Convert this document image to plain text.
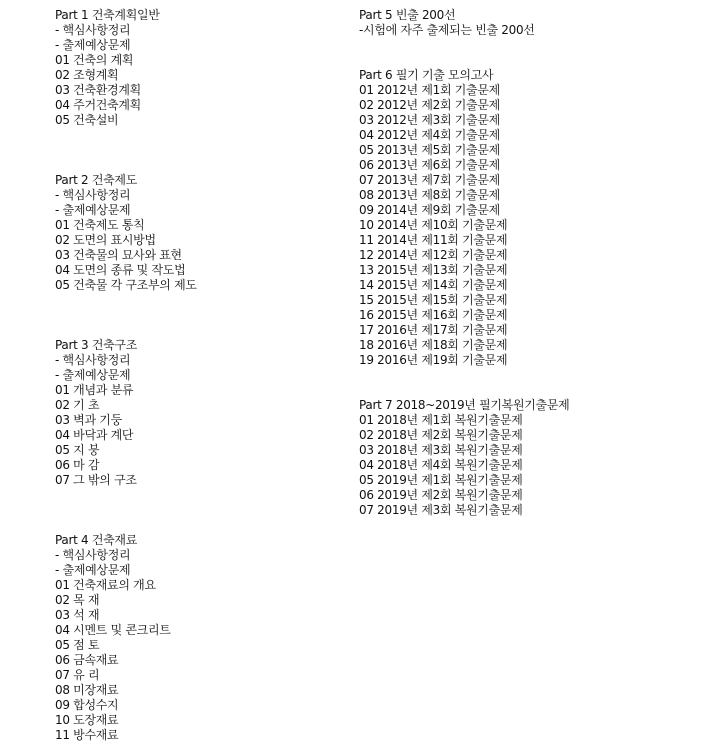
Part 1 건축계획일반
- 핵심사항정리
- 출제예상문제
01 건축의 계획
02 조형계획
03 건축환경계획
04 주거건축계획
05 건축설비
Part 2 건축제도
- 핵심사항정리
- 출제예상문제
01 건축제도 통칙
02 도면의 표시방법
03 건축물의 묘사와 표현
04 도면의 종류 및 작도법
05 건축물 각 구조부의 제도
Part 3 건축구조
- 핵심사항정리
- 출제예상문제
01 개념과 분류
02 기 초
03 벽과 기둥
04 바닥과 계단
05 지 붕
06 마 감
07 그 밖의 구조
Part 4 건축재료
- 핵심사항정리
- 출제예상문제
01 건축재료의 개요
02 목 재
03 석 재
04 시멘트 및 콘크리트
05 점 토
06 금속재료
07 유 리
08 미장재료
09 합성수지
10 도장재료
11 방수재료
Part 5 빈출 200선
-시험에 자주 출제되는 빈출 200선
Part 6 필기 기출 모의고사
01 2012년 제1회 기출문제
02 2012년 제2회 기출문제
03 2012년 제3회 기출문제
04 2012년 제4회 기출문제
05 2013년 제5회 기출문제
06 2013년 제6회 기출문제
07 2013년 제7회 기출문제
08 2013년 제8회 기출문제
09 2014년 제9회 기출문제
10 2014년 제10회 기출문제
11 2014년 제11회 기출문제
12 2014년 제12회 기출문제
13 2015년 제13회 기출문제
14 2015년 제14회 기출문제
15 2015년 제15회 기출문제
16 2015년 제16회 기출문제
17 2016년 제17회 기출문제
18 2016년 제18회 기출문제
19 2016년 제19회 기출문제
Part 7 2018~2019년 필기복원기출문제
01 2018년 제1회 복원기출문제
02 2018년 제2회 복원기출문제
03 2018년 제3회 복원기출문제
04 2018년 제4회 복원기출문제
05 2019년 제1회 복원기출문제
06 2019년 제2회 복원기출문제
07 2019년 제3회 복원기출문제
